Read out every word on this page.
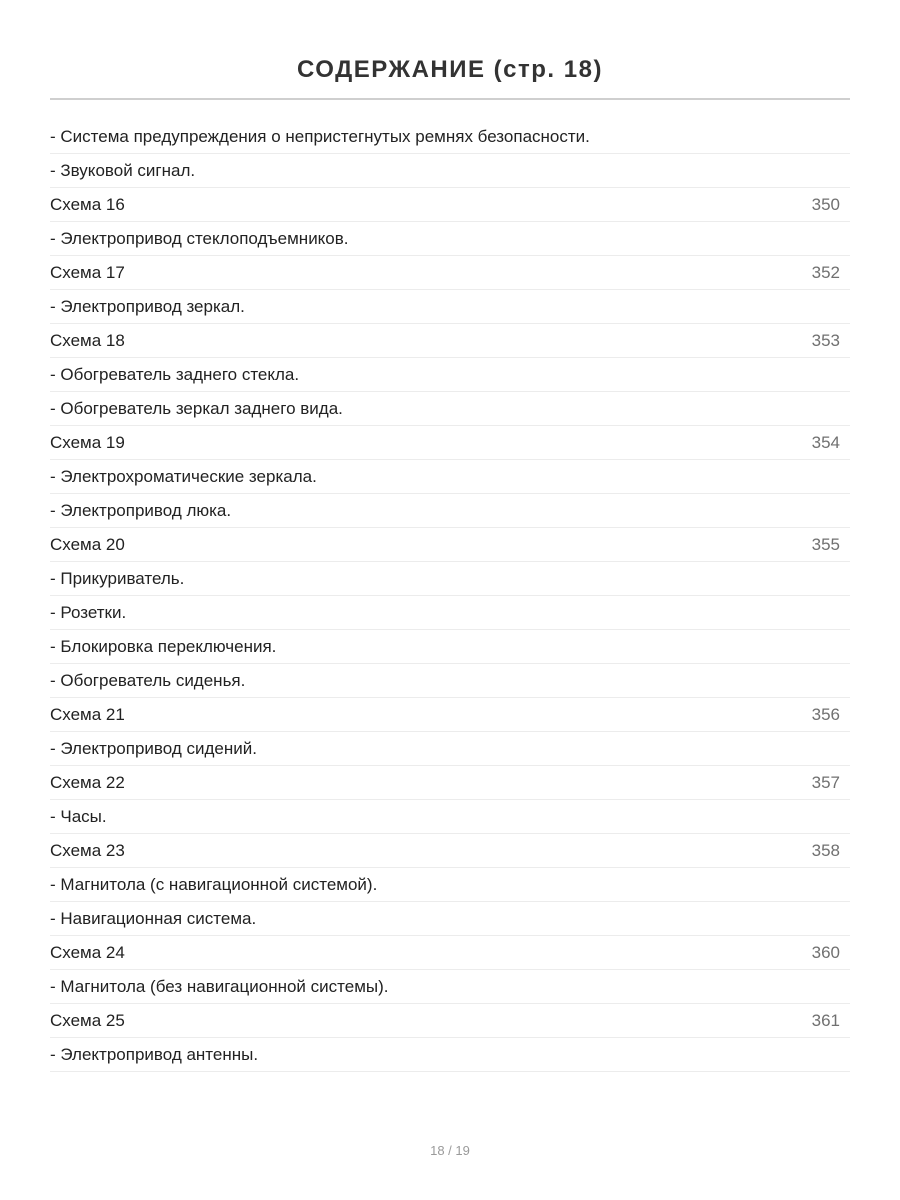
СОДЕРЖАНИЕ (стр. 18)
- Система предупреждения о непристегнутых ремнях безопасности.
- Звуковой сигнал.
Схема 16	350
- Электропривод стеклоподъемников.
Схема 17	352
- Электропривод зеркал.
Схема 18	353
- Обогреватель заднего стекла.
- Обогреватель зеркал заднего вида.
Схема 19	354
- Электрохроматические зеркала.
- Электропривод люка.
Схема 20	355
- Прикуриватель.
- Розетки.
- Блокировка переключения.
- Обогреватель сиденья.
Схема 21	356
- Электропривод сидений.
Схема 22	357
- Часы.
Схема 23	358
- Магнитола (с навигационной системой).
- Навигационная система.
Схема 24	360
- Магнитола (без навигационной системы).
Схема 25	361
- Электропривод антенны.
18 / 19
